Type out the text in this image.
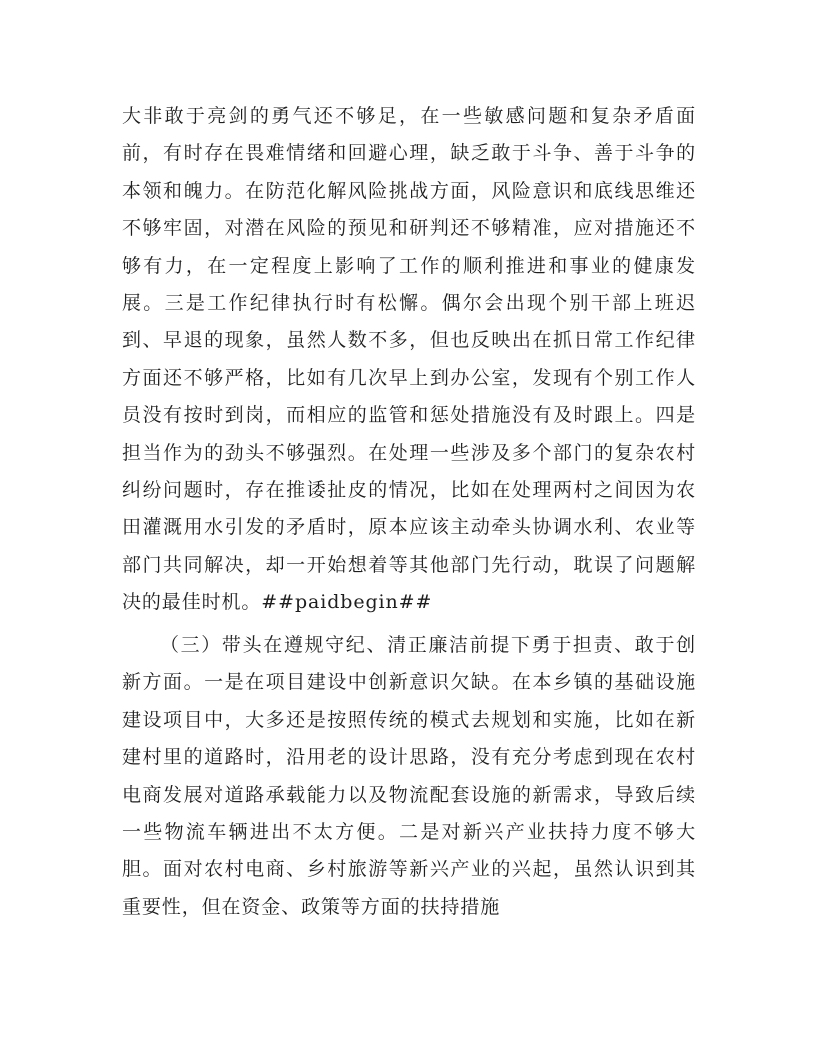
大非敢于亮剑的勇气还不够足，在一些敏感问题和复杂矛盾面前，有时存在畏难情绪和回避心理，缺乏敢于斗争、善于斗争的本领和魄力。在防范化解风险挑战方面，风险意识和底线思维还不够牢固，对潜在风险的预见和研判还不够精准，应对措施还不够有力，在一定程度上影响了工作的顺利推进和事业的健康发展。三是工作纪律执行时有松懈。偶尔会出现个别干部上班迟到、早退的现象，虽然人数不多，但也反映出在抓日常工作纪律方面还不够严格，比如有几次早上到办公室，发现有个别工作人员没有按时到岗，而相应的监管和惩处措施没有及时跟上。四是担当作为的劲头不够强烈。在处理一些涉及多个部门的复杂农村纠纷问题时，存在推诿扯皮的情况，比如在处理两村之间因为农田灌溉用水引发的矛盾时，原本应该主动牵头协调水利、农业等部门共同解决，却一开始想着等其他部门先行动，耽误了问题解决的最佳时机。##paidbegin##

（三）带头在遵规守纪、清正廉洁前提下勇于担责、敢于创新方面。一是在项目建设中创新意识欠缺。在本乡镇的基础设施建设项目中，大多还是按照传统的模式去规划和实施，比如在新建村里的道路时，沿用老的设计思路，没有充分考虑到现在农村电商发展对道路承载能力以及物流配套设施的新需求，导致后续一些物流车辆进出不太方便。二是对新兴产业扶持力度不够大胆。面对农村电商、乡村旅游等新兴产业的兴起，虽然认识到其重要性，但在资金、政策等方面的扶持措施
